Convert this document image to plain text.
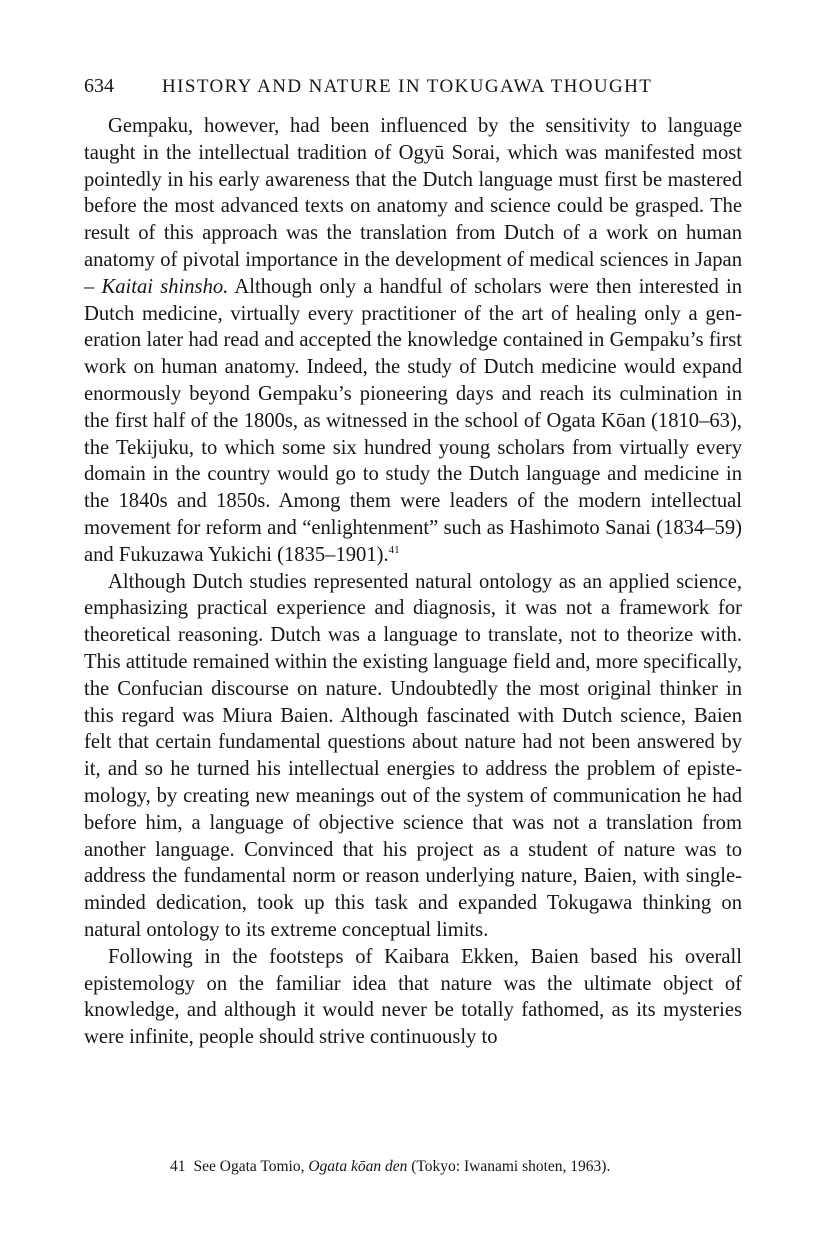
634	HISTORY AND NATURE IN TOKUGAWA THOUGHT

Gempaku, however, had been influenced by the sensitivity to language taught in the intellectual tradition of Ogyū Sorai, which was manifested most pointedly in his early awareness that the Dutch language must first be mastered before the most advanced texts on anatomy and science could be grasped. The result of this approach was the translation from Dutch of a work on human anatomy of pivotal importance in the development of medical sciences in Japan – Kaitai shinsho. Although only a handful of scholars were then interested in Dutch medicine, virtually every practitioner of the art of healing only a generation later had read and accepted the knowledge contained in Gempaku’s first work on human anatomy. Indeed, the study of Dutch medicine would expand enormously beyond Gempaku’s pioneering days and reach its culmination in the first half of the 1800s, as witnessed in the school of Ogata Kōan (1810–63), the Tekijuku, to which some six hundred young scholars from virtually every domain in the country would go to study the Dutch language and medicine in the 1840s and 1850s. Among them were leaders of the modern intellectual movement for reform and “enlightenment” such as Hashimoto Sanai (1834–59) and Fukuzawa Yukichi (1835–1901).$^{41}$

Although Dutch studies represented natural ontology as an applied science, emphasizing practical experience and diagnosis, it was not a framework for theoretical reasoning. Dutch was a language to translate, not to theorize with. This attitude remained within the existing language field and, more specifically, the Confucian discourse on nature. Undoubtedly the most original thinker in this regard was Miura Baien. Although fascinated with Dutch science, Baien felt that certain fundamental questions about nature had not been answered by it, and so he turned his intellectual energies to address the problem of epistemology, by creating new meanings out of the system of communication he had before him, a language of objective science that was not a translation from another language. Convinced that his project as a student of nature was to address the fundamental norm or reason underlying nature, Baien, with single-minded dedication, took up this task and expanded Tokugawa thinking on natural ontology to its extreme conceptual limits.

Following in the footsteps of Kaibara Ekken, Baien based his overall epistemology on the familiar idea that nature was the ultimate object of knowledge, and although it would never be totally fathomed, as its mysteries were infinite, people should strive continuously to

41 See Ogata Tomio, Ogata kōan den (Tokyo: Iwanami shoten, 1963).
